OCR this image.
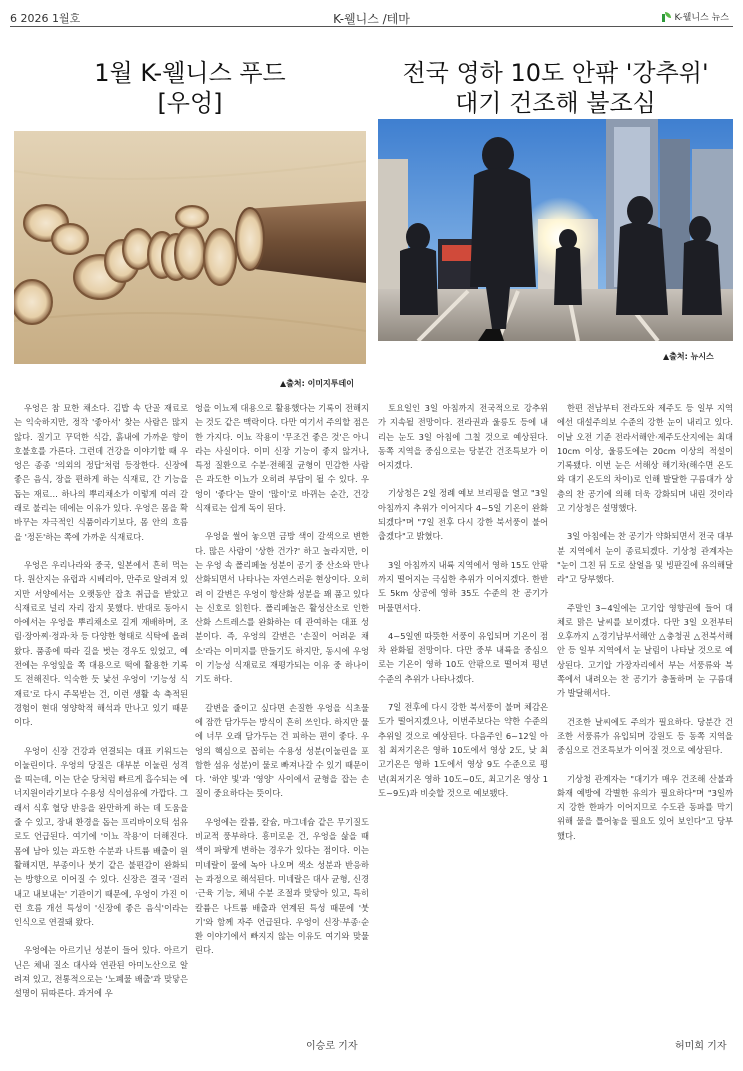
6 2026 1월호	K-웰니스 /테마	K-웰니스 뉴스
1월 K-웰니스 푸드
[우엉]
전국 영하 10도 안팎 '강추위'
대기 건조해 불조심
▲출처: 이미지투데이
▲출처: 뉴시스

우엉은 참 묘한 채소다. 김밥 속 단골 재료로는 익숙하지만, 정작 '좋아서' 찾는 사람은 많지 않다. 질기고 꾸덕한 식감, 흙내에 가까운 향이 호불호를 가른다. 그런데 건강을 이야기할 때 우엉은 종종 '의외의 정답'처럼 등장한다. 신장에 좋은 음식, 장을 편하게 하는 식재료, 간 기능을 돕는 재료… 하나의 뿌리채소가 이렇게 여러 갈래로 불리는 데에는 이유가 있다. 우엉은 몸을 확 바꾸는 자극적인 식품이라기보다, 몸 안의 흐름을 '정돈'하는 쪽에 가까운 식재료다.

우엉은 우리나라와 중국, 일본에서 흔히 먹는다. 원산지는 유럽과 시베리아, 만주로 알려져 있지만 서양에서는 오랫동안 잡초 취급을 받았고 식재료로 널리 자리 잡지 못했다. 반대로 동아시아에서는 우엉을 뿌리채소로 길게 재배하며, 조림·장아찌·정과·차 등 다양한 형태로 식탁에 올려왔다. 품종에 따라 길을 벗는 경우도 있었고, 예전에는 우엉잎을 쪽 대용으로 떡에 활용한 기록도 전해진다. 익숙한 듯 낯선 우엉이 '기능성 식재료'로 다시 주목받는 건, 이런 생활 속 축적된 경험이 현대 영양학적 해석과 만나고 있기 때문이다.

우엉이 신장 건강과 연결되는 대표 키워드는 이눌린이다. 우엉의 당질은 대부분 이눌린 성격을 띠는데, 이는 단순 당처럼 빠르게 흡수되는 에너지원이라기보다 수용성 식이섬유에 가깝다. 그래서 식후 혈당 반응을 완만하게 하는 데 도움을 줄 수 있고, 장내 환경을 돕는 프리바이오틱 섬유로도 언급된다. 여기에 '이뇨 작용'이 더해진다. 몸에 남아 있는 과도한 수분과 나트륨 배출이 원활해지면, 부종이나 붓기 같은 불편감이 완화되는 방향으로 이어질 수 있다. 신장은 결국 '걸러내고 내보내는' 기관이기 때문에, 우엉이 가진 이런 흐름 개선 특성이 '신장에 좋은 음식'이라는 인식으로 연결돼 왔다.

우엉에는 아르기닌 성분이 들어 있다. 아르기닌은 체내 질소 대사와 연관된 아미노산으로 알려져 있고, 전통적으로는 '노폐물 배출'과 맞닿은 설명이 뒤따른다. 과거에 우

엉을 이뇨제 대용으로 활용했다는 기록이 전해지는 것도 같은 맥락이다. 다만 여기서 주의할 점은 한 가지다. 이뇨 작용이 '무조건 좋은 것'은 아니라는 사실이다. 이미 신장 기능이 좋지 않거나, 특정 질환으로 수분·전해질 균형이 민감한 사람은 과도한 이뇨가 오히려 부담이 될 수 있다. 우엉이 '좋다'는 말이 '많이'로 바뀌는 순간, 건강 식재료는 쉽게 독이 된다.

우엉을 썰어 놓으면 금방 색이 갈색으로 변한다. 많은 사람이 '상한 건가?' 하고 놀라지만, 이는 우엉 속 폴리페놀 성분이 공기 중 산소와 만나 산화되면서 나타나는 자연스러운 현상이다. 오히려 이 갈변은 우엉이 항산화 성분을 꽤 품고 있다는 신호로 읽힌다. 폴리페놀은 활성산소로 인한 산화 스트레스를 완화하는 데 관여하는 대표 성분이다. 즉, 우엉의 갈변은 '손질이 어려운 채소'라는 이미지를 만들기도 하지만, 동시에 우엉이 기능성 식재료로 재평가되는 이유 중 하나이기도 하다.

갈변을 줄이고 싶다면 손질한 우엉을 식초물에 잠깐 담가두는 방식이 흔히 쓰인다. 하지만 물에 너무 오래 담가두는 건 피하는 편이 좋다. 우엉의 핵심으로 꼽히는 수용성 성분(이눌린을 포함한 섬유 성분)이 물로 빠져나갈 수 있기 때문이다. '하얀 빛'과 '영양' 사이에서 균형을 잡는 손질이 중요하다는 뜻이다.

우엉에는 칼륨, 칼슘, 마그네슘 같은 무기질도 비교적 풍부하다. 흥미로운 건, 우엉을 삶을 때 색이 파랗게 변하는 경우가 있다는 점이다. 이는 미네랄이 물에 녹아 나오며 색소 성분과 반응하는 과정으로 해석된다. 미네랄은 대사 균형, 신경·근육 기능, 체내 수분 조절과 맞닿아 있고, 특히 칼륨은 나트륨 배출과 연계된 특성 때문에 '붓기'와 함께 자주 언급된다. 우엉이 신장·부종·순환 이야기에서 빠지지 않는 이유도 여기와 맞물린다.

토요일인 3일 아침까지 전국적으로 강추위가 지속될 전망이다. 전라권과 울릉도 등에 내리는 눈도 3일 아침에 그칠 것으로 예상된다. 동쪽 지역을 중심으로는 당분간 건조특보가 이어지겠다.

기상청은 2일 정례 예보 브리핑을 열고 "3일 아침까지 추위가 이어지다 4~5일 기온이 완화되겠다"며 "7일 전후 다시 강한 북서풍이 불어 춥겠다"고 밝혔다.

3일 아침까지 내륙 지역에서 영하 15도 안팎까지 떨어지는 극심한 추위가 이어지겠다. 한반도 5km 상공에 영하 35도 수준의 찬 공기가 머물면서다.

4~5일엔 따뜻한 서풍이 유입되며 기온이 점차 완화될 전망이다. 다만 중부 내륙을 중심으로는 기온이 영하 10도 안팎으로 떨어져 평년 수준의 추위가 나타나겠다.

7일 전후에 다시 강한 북서풍이 불며 체감온도가 떨어지겠으나, 이번주보다는 약한 수준의 추위일 것으로 예상된다. 다음주인 6~12일 아침 최저기온은 영하 10도에서 영상 2도, 낮 최고기온은 영하 1도에서 영상 9도 수준으로 평년(최저기온 영하 10도~0도, 최고기온 영상 1도~9도)과 비슷할 것으로 예보됐다.

한편 전남부터 전라도와 제주도 등 일부 지역에선 대설주의보 수준의 강한 눈이 내리고 있다. 이날 오전 기준 전라서해안·제주도산지에는 최대 10cm 이상, 울릉도에는 20cm 이상의 적설이 기록됐다. 이번 눈은 서해상 해기차(해수면 온도와 대기 온도의 차이)로 인해 발달한 구름대가 상층의 찬 공기에 의해 더욱 강화되며 내린 것이라고 기상청은 설명했다.

3일 아침에는 찬 공기가 약화되면서 전국 대부분 지역에서 눈이 종료되겠다. 기상청 관계자는 "눈이 그친 뒤 도로 살얼음 및 빙판길에 유의해달라"고 당부했다.

주말인 3~4일에는 고기압 영향권에 들어 대체로 맑은 날씨를 보이겠다. 다만 3일 오전부터 오후까지 △경기남부서해안 △충청권 △전북서해안 등 일부 지역에서 눈 날림이 나타날 것으로 예상된다. 고기압 가장자리에서 부는 서풍류와 북쪽에서 내려오는 찬 공기가 충돌하며 눈 구름대가 발달해서다.

건조한 날씨에도 주의가 필요하다. 당분간 건조한 서풍류가 유입되며 강원도 등 동쪽 지역을 중심으로 건조특보가 이어질 것으로 예상된다.

기상청 관계자는 "대기가 매우 건조해 산불과 화재 예방에 각별한 유의가 필요하다"며 "3일까지 강한 한파가 이어지므로 수도관 동파를 막기 위해 물을 틀어놓을 필요도 있어 보인다"고 당부했다.

이승로 기자	허미희 기자
